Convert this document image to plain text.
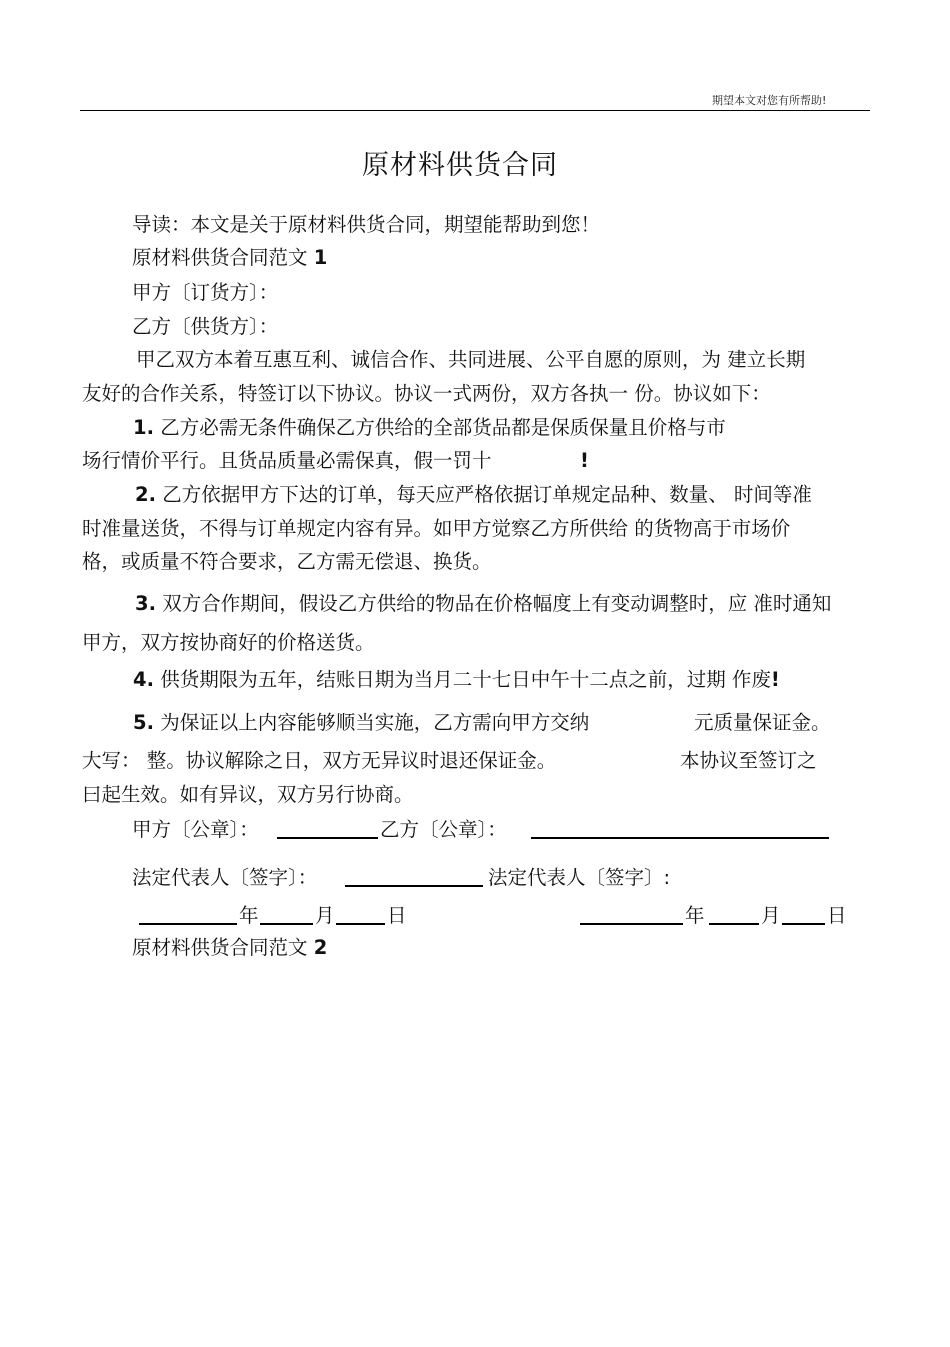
期望本文对您有所帮助!
原材料供货合同
导读：本文是关于原材料供货合同，期望能帮助到您！
原材料供货合同范文 1
甲方〔订货方〕：
乙方〔供货方〕：
甲乙双方本着互惠互利、诚信合作、共同进展、公平自愿的原则，为 建立长期
友好的合作关系，特签订以下协议。协议一式两份，双方各执一 份。协议如下：
1. 乙方必需无条件确保乙方供给的全部货品都是保质保量且价格与市
场行情价平行。且货品质量必需保真，假一罚十	!
2. 乙方依据甲方下达的订单，每天应严格依据订单规定品种、数量、 时间等准
时准量送货，不得与订单规定内容有异。如甲方觉察乙方所供给 的货物高于市场价
格，或质量不符合要求，乙方需无偿退、换货。
3. 双方合作期间，假设乙方供给的物品在价格幅度上有变动调整时，应 准时通知
甲方，双方按协商好的价格送货。
4. 供货期限为五年，结账日期为当月二十七日中午十二点之前，过期 作废!
5. 为保证以上内容能够顺当实施，乙方需向甲方交纳	元质量保证金。
大写： 整。协议解除之日，双方无异议时退还保证金。	本协议至签订之
曰起生效。如有异议，双方另行协商。
甲方〔公章〕：	乙方〔公章〕：
法定代表人〔签字〕：	法定代表人〔签字〕:
年	月	日	年	月 日
原材料供货合同范文 2
